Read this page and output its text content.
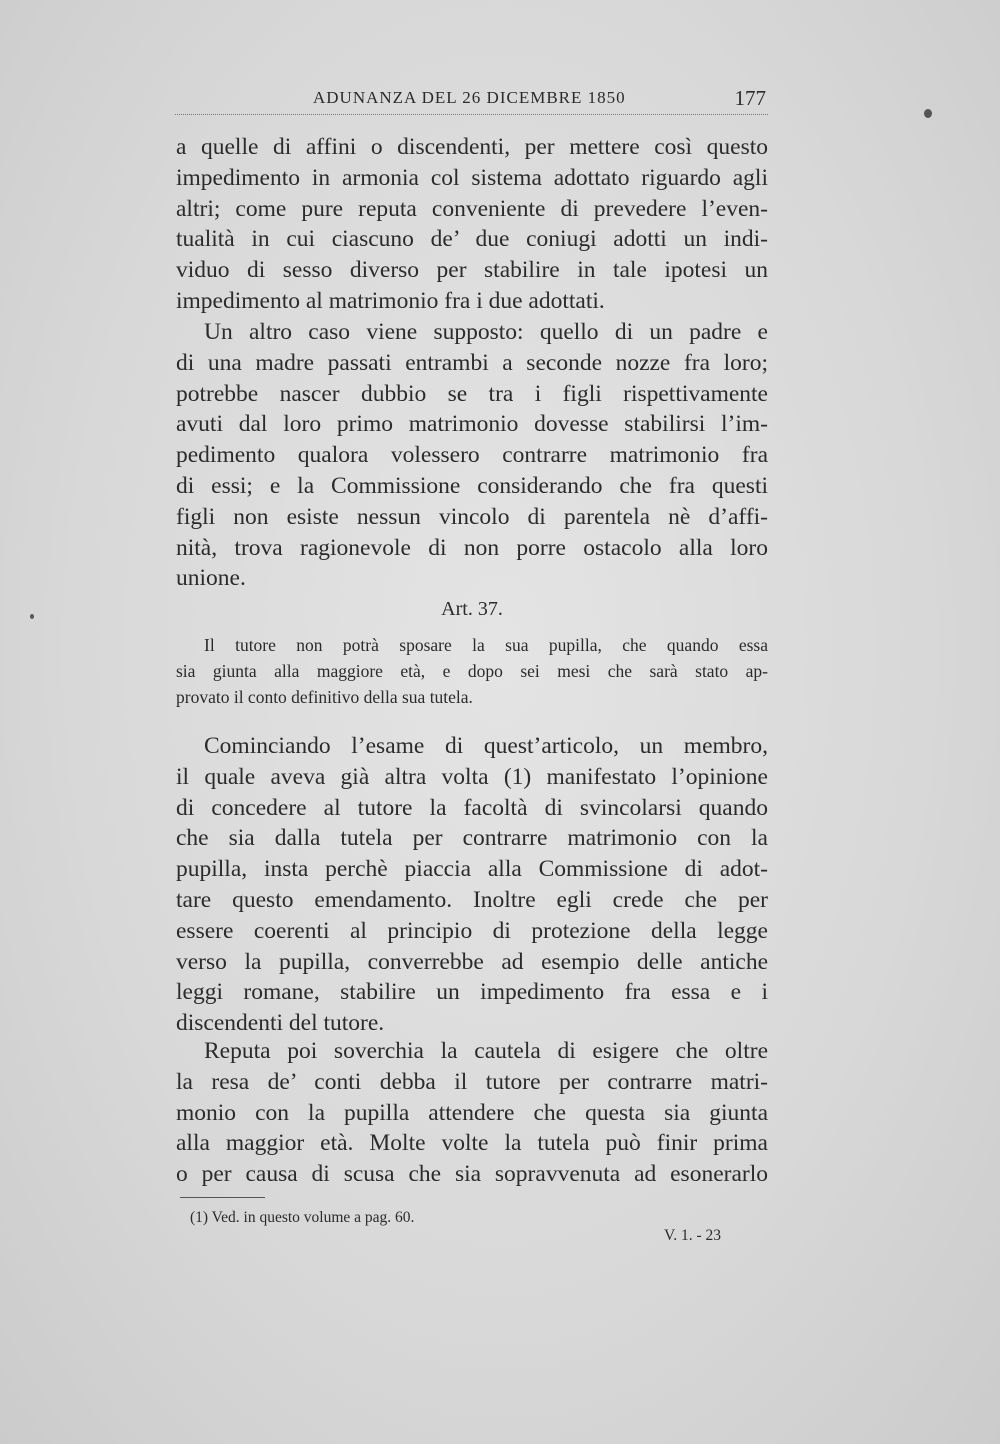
ADUNANZA DEL 26 DICEMBRE 1850	177
a quelle di affini o discendenti, per mettere così questo
impedimento in armonia col sistema adottato riguardo agli
altri; come pure reputa conveniente di prevedere l’even-
tualità in cui ciascuno de’ due coniugi adotti un indi-
viduo di sesso diverso per stabilire in tale ipotesi un
impedimento al matrimonio fra i due adottati.
Un altro caso viene supposto: quello di un padre e
di una madre passati entrambi a seconde nozze fra loro;
potrebbe nascer dubbio se tra i figli rispettivamente
avuti dal loro primo matrimonio dovesse stabilirsi l’im-
pedimento qualora volessero contrarre matrimonio fra
di essi; e la Commissione considerando che fra questi
figli non esiste nessun vincolo di parentela nè d’affi-
nità, trova ragionevole di non porre ostacolo alla loro
unione.
Art. 37.
Il tutore non potrà sposare la sua pupilla, che quando essa
sia giunta alla maggiore età, e dopo sei mesi che sarà stato ap-
provato il conto definitivo della sua tutela.
Cominciando l’esame di quest’articolo, un membro,
il quale aveva già altra volta (1) manifestato l’opinione
di concedere al tutore la facoltà di svincolarsi quando
che sia dalla tutela per contrarre matrimonio con la
pupilla, insta perchè piaccia alla Commissione di adot-
tare questo emendamento. Inoltre egli crede che per
essere coerenti al principio di protezione della legge
verso la pupilla, converrebbe ad esempio delle antiche
leggi romane, stabilire un impedimento fra essa e i
discendenti del tutore.
Reputa poi soverchia la cautela di esigere che oltre
la resa de’ conti debba il tutore per contrarre matri-
monio con la pupilla attendere che questa sia giunta
alla maggior età. Molte volte la tutela può finir prima
o per causa di scusa che sia sopravvenuta ad esonerarlo
(1) Ved. in questo volume a pag. 60.
V. 1. - 23
